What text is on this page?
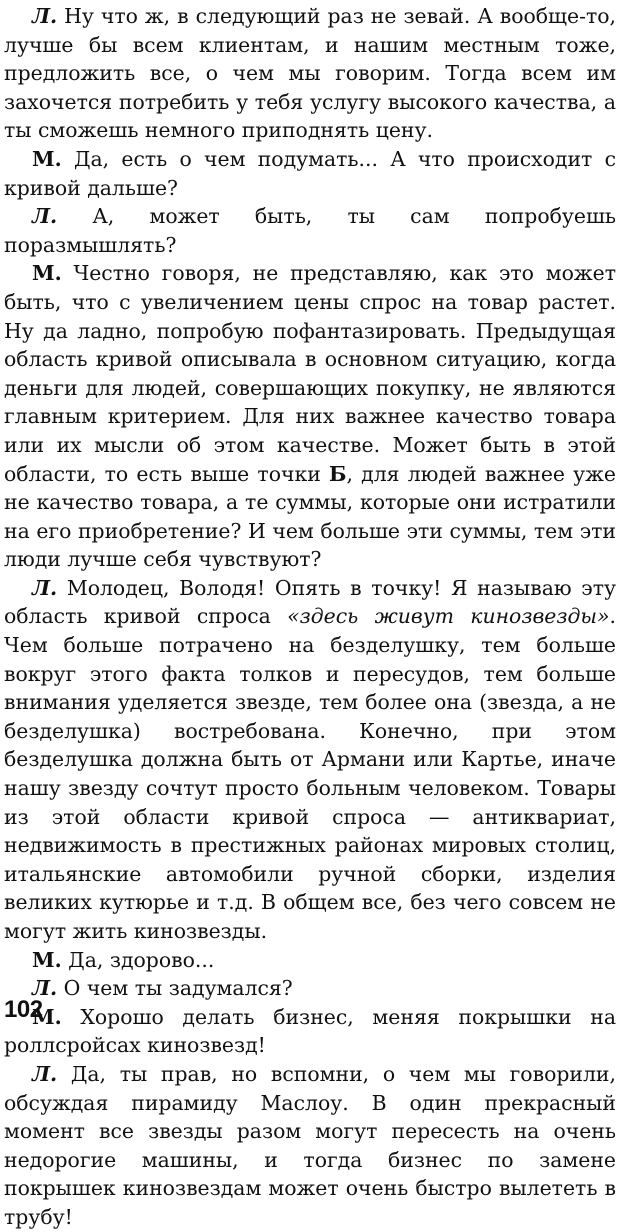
Л. Ну что ж, в следующий раз не зевай. А вообще-то, лучше бы всем клиентам, и нашим местным тоже, предложить все, о чем мы говорим. Тогда всем им захочется потребить у тебя услугу высокого качества, а ты сможешь немного приподнять цену.

М. Да, есть о чем подумать... А что происходит с кривой дальше?

Л. А, может быть, ты сам попробуешь поразмышлять?

М. Честно говоря, не представляю, как это может быть, что с увеличением цены спрос на товар растет. Ну да ладно, попробую пофантазировать. Предыдущая область кривой описывала в основном ситуацию, когда деньги для людей, совершающих покупку, не являются главным критерием. Для них важнее качество товара или их мысли об этом качестве. Может быть в этой области, то есть выше точки Б, для людей важнее уже не качество товара, а те суммы, которые они истратили на его приобретение? И чем больше эти суммы, тем эти люди лучше себя чувствуют?

Л. Молодец, Володя! Опять в точку! Я называю эту область кривой спроса «здесь живут кинозвезды». Чем больше потрачено на безделушку, тем больше вокруг этого факта толков и пересудов, тем больше внимания уделяется звезде, тем более она (звезда, а не безделушка) востребована. Конечно, при этом безделушка должна быть от Армани или Картье, иначе нашу звезду сочтут просто больным человеком. Товары из этой области кривой спроса — антиквариат, недвижимость в престижных районах мировых столиц, итальянские автомобили ручной сборки, изделия великих кутюрье и т.д. В общем все, без чего совсем не могут жить кинозвезды.

М. Да, здорово...

Л. О чем ты задумался?

М. Хорошо делать бизнес, меняя покрышки на роллсройсах кинозвезд!

Л. Да, ты прав, но вспомни, о чем мы говорили, обсуждая пирамиду Маслоу. В один прекрасный момент все звезды разом могут пересесть на очень недорогие машины, и тогда бизнес по замене покрышек кинозвездам может очень быстро вылететь в трубу!

102
